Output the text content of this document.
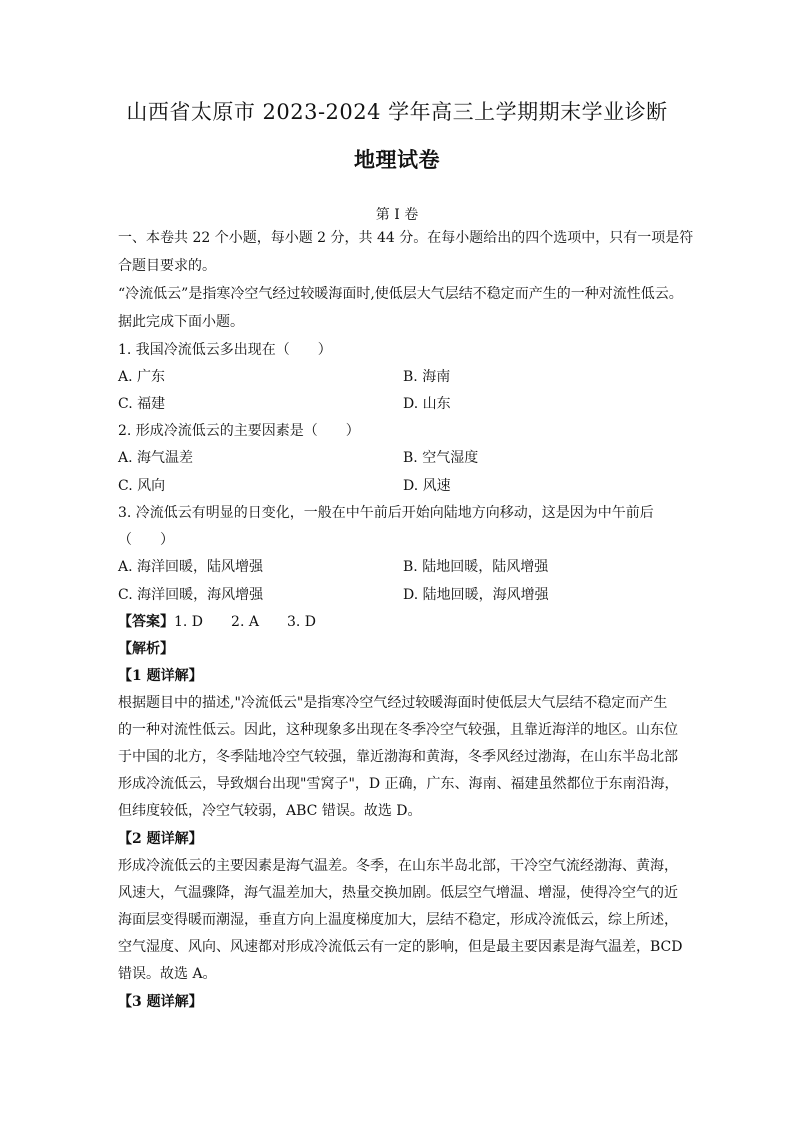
山西省太原市 2023-2024 学年高三上学期期末学业诊断
地理试卷
第 I 卷
一、本卷共 22 个小题，每小题 2 分，共 44 分。在每小题给出的四个选项中，只有一项是符
合题目要求的。
“冷流低云”是指寒冷空气经过较暖海面时,使低层大气层结不稳定而产生的一种对流性低云。
据此完成下面小题。
1. 我国冷流低云多出现在（　　）
A. 广东	B. 海南
C. 福建	D. 山东
2. 形成冷流低云的主要因素是（　　）
A. 海气温差	B. 空气湿度
C. 风向	D. 风速
3. 冷流低云有明显的日变化，一般在中午前后开始向陆地方向移动，这是因为中午前后
（　　）
A. 海洋回暖，陆风增强	B. 陆地回暖，陆风增强
C. 海洋回暖，海风增强	D. 陆地回暖，海风增强
【答案】1. D　　2. A　　3. D
【解析】
【1 题详解】
根据题目中的描述,"冷流低云"是指寒冷空气经过较暖海面时使低层大气层结不稳定而产生
的一种对流性低云。因此，这种现象多出现在冬季冷空气较强，且靠近海洋的地区。山东位
于中国的北方，冬季陆地冷空气较强，靠近渤海和黄海，冬季风经过渤海，在山东半岛北部
形成冷流低云，导致烟台出现"雪窝子"，D 正确，广东、海南、福建虽然都位于东南沿海，
但纬度较低，冷空气较弱，ABC 错误。故选 D。
【2 题详解】
形成冷流低云的主要因素是海气温差。冬季，在山东半岛北部，干冷空气流经渤海、黄海，
风速大，气温骤降，海气温差加大，热量交换加剧。低层空气增温、增湿，使得冷空气的近
海面层变得暖而潮湿，垂直方向上温度梯度加大，层结不稳定，形成冷流低云，综上所述，
空气湿度、风向、风速都对形成冷流低云有一定的影响，但是最主要因素是海气温差，BCD
错误。故选 A。
【3 题详解】
